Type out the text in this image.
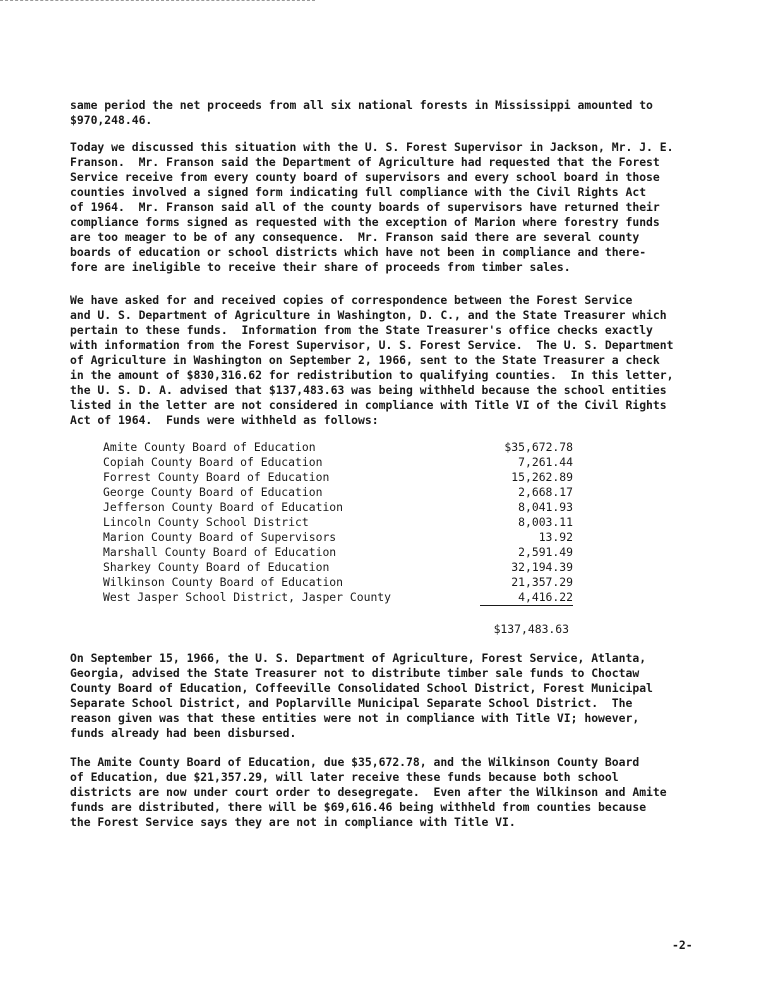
same period the net proceeds from all six national forests in Mississippi amounted to
$970,248.46.

Today we discussed this situation with the U. S. Forest Supervisor in Jackson, Mr. J. E.
Franson.  Mr. Franson said the Department of Agriculture had requested that the Forest
Service receive from every county board of supervisors and every school board in those
counties involved a signed form indicating full compliance with the Civil Rights Act
of 1964.  Mr. Franson said all of the county boards of supervisors have returned their
compliance forms signed as requested with the exception of Marion where forestry funds
are too meager to be of any consequence.  Mr. Franson said there are several county
boards of education or school districts which have not been in compliance and there-
fore are ineligible to receive their share of proceeds from timber sales.

We have asked for and received copies of correspondence between the Forest Service
and U. S. Department of Agriculture in Washington, D. C., and the State Treasurer which
pertain to these funds.  Information from the State Treasurer's office checks exactly
with information from the Forest Supervisor, U. S. Forest Service.  The U. S. Department
of Agriculture in Washington on September 2, 1966, sent to the State Treasurer a check
in the amount of $830,316.62 for redistribution to qualifying counties.  In this letter,
the U. S. D. A. advised that $137,483.63 was being withheld because the school entities
listed in the letter are not considered in compliance with Title VI of the Civil Rights
Act of 1964.  Funds were withheld as follows:

Amite County Board of Education	$35,672.78
Copiah County Board of Education	7,261.44
Forrest County Board of Education	15,262.89
George County Board of Education	2,668.17
Jefferson County Board of Education	8,041.93
Lincoln County School District	8,003.11
Marion County Board of Supervisors	13.92
Marshall County Board of Education	2,591.49
Sharkey County Board of Education	32,194.39
Wilkinson County Board of Education	21,357.29
West Jasper School District, Jasper County	4,416.22
$137,483.63

On September 15, 1966, the U. S. Department of Agriculture, Forest Service, Atlanta,
Georgia, advised the State Treasurer not to distribute timber sale funds to Choctaw
County Board of Education, Coffeeville Consolidated School District, Forest Municipal
Separate School District, and Poplarville Municipal Separate School District.  The
reason given was that these entities were not in compliance with Title VI; however,
funds already had been disbursed.

The Amite County Board of Education, due $35,672.78, and the Wilkinson County Board
of Education, due $21,357.29, will later receive these funds because both school
districts are now under court order to desegregate.  Even after the Wilkinson and Amite
funds are distributed, there will be $69,616.46 being withheld from counties because
the Forest Service says they are not in compliance with Title VI.

-2-
